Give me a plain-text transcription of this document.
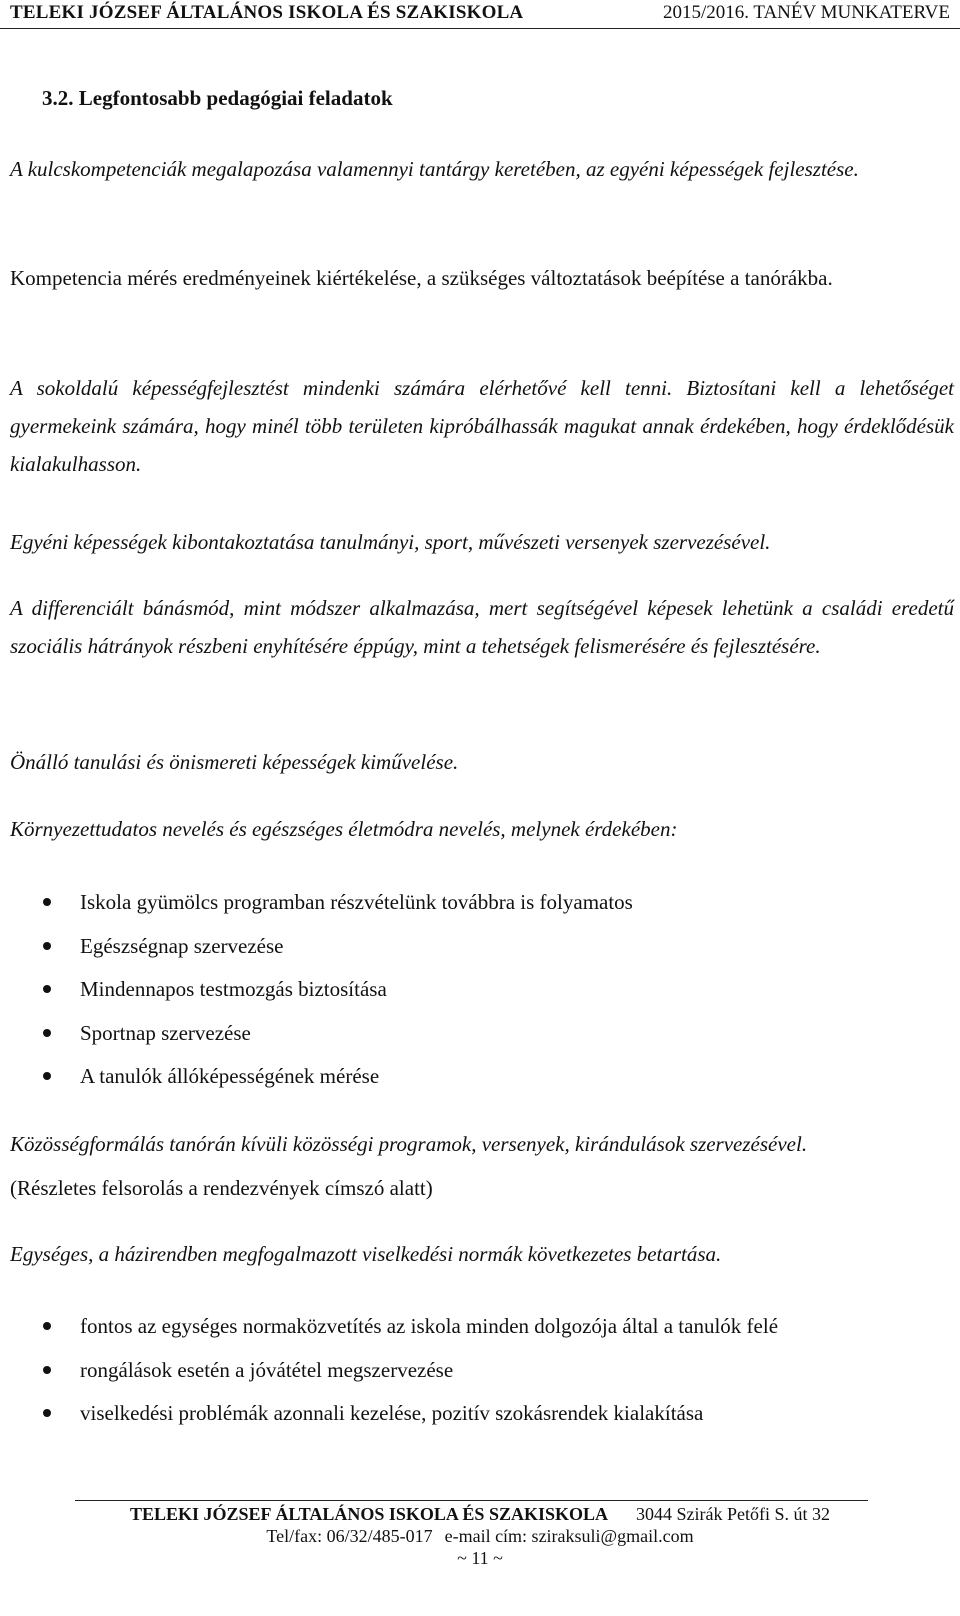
TELEKI JÓZSEF ÁLTALÁNOS ISKOLA ÉS SZAKISKOLA	2015/2016. TANÉV MUNKATERVE
3.2. Legfontosabb pedagógiai feladatok
A kulcskompetenciák megalapozása valamennyi tantárgy keretében, az egyéni képességek fejlesztése.
Kompetencia mérés eredményeinek kiértékelése, a szükséges változtatások beépítése a tanórákba.
A sokoldalú képességfejlesztést mindenki számára elérhetővé kell tenni. Biztosítani kell a lehetőséget gyermekeink számára, hogy minél több területen kipróbálhassák magukat annak érdekében, hogy érdeklődésük kialakulhasson.
Egyéni képességek kibontakoztatása tanulmányi, sport, művészeti versenyek szervezésével.
A differenciált bánásmód, mint módszer alkalmazása, mert segítségével képesek lehetünk a családi eredetű szociális hátrányok részbeni enyhítésére éppúgy, mint a tehetségek felismerésére és fejlesztésére.
Önálló tanulási és önismereti képességek kiművelése.
Környezettudatos nevelés és egészséges életmódra nevelés, melynek érdekében:
Iskola gyümölcs programban részvételünk továbbra is folyamatos
Egészségnap szervezése
Mindennapos testmozgás biztosítása
Sportnap szervezése
A tanulók állóképességének mérése
Közösségformálás tanórán kívüli közösségi programok, versenyek, kirándulások szervezésével.
(Részletes felsorolás a rendezvények címszó alatt)
Egységes, a házirendben megfogalmazott viselkedési normák következetes betartása.
fontos az egységes normaközvetítés az iskola minden dolgozója által a tanulók felé
rongálások esetén a jóvátétel megszervezése
viselkedési problémák azonnali kezelése, pozitív szokásrendek kialakítása
TELEKI JÓZSEF ÁLTALÁNOS ISKOLA ÉS SZAKISKOLA 3044 Szirák Petőfi S. út 32
Tel/fax: 06/32/485-017 e-mail cím: sziraksuli@gmail.com
~ 11 ~
